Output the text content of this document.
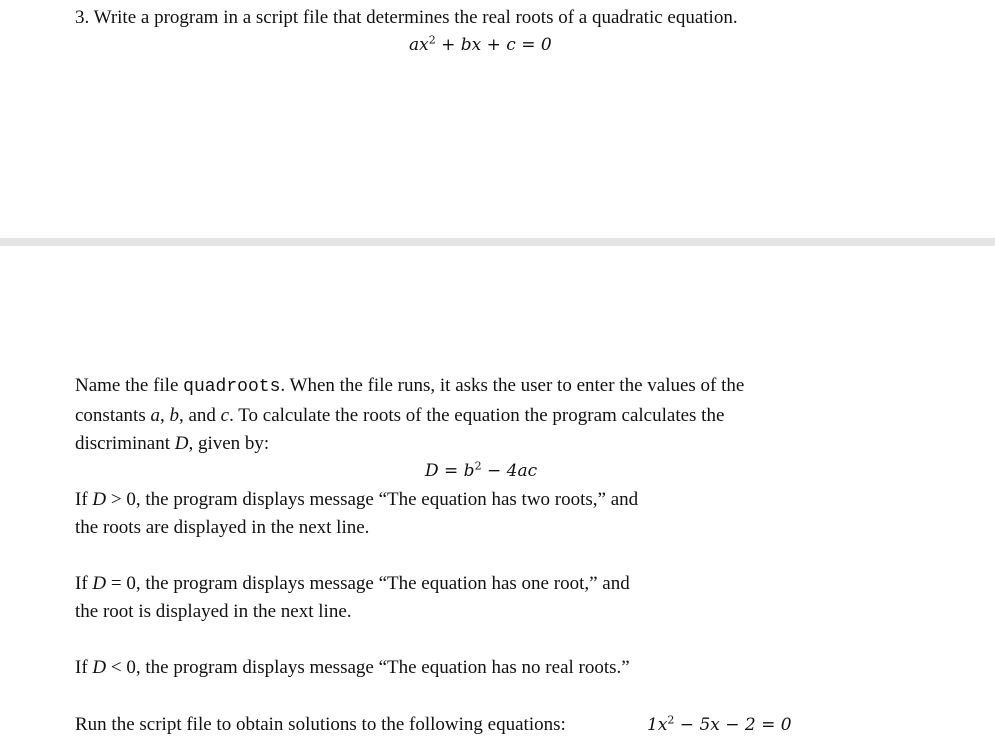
3. Write a program in a script file that determines the real roots of a quadratic equation.
$ax^2$ + bx + c = 0
Name the file quadroots. When the file runs, it asks the user to enter the values of the
constants a, b, and c. To calculate the roots of the equation the program calculates the
discriminant D, given by:
$D = b^2 - 4ac$
If D > 0, the program displays message “The equation has two roots,” and
the roots are displayed in the next line.
If D = 0, the program displays message “The equation has one root,” and
the root is displayed in the next line.
If D < 0, the program displays message “The equation has no real roots.”
Run the script file to obtain solutions to the following equations:	$1x^2 - 5x - 2 = 0$
